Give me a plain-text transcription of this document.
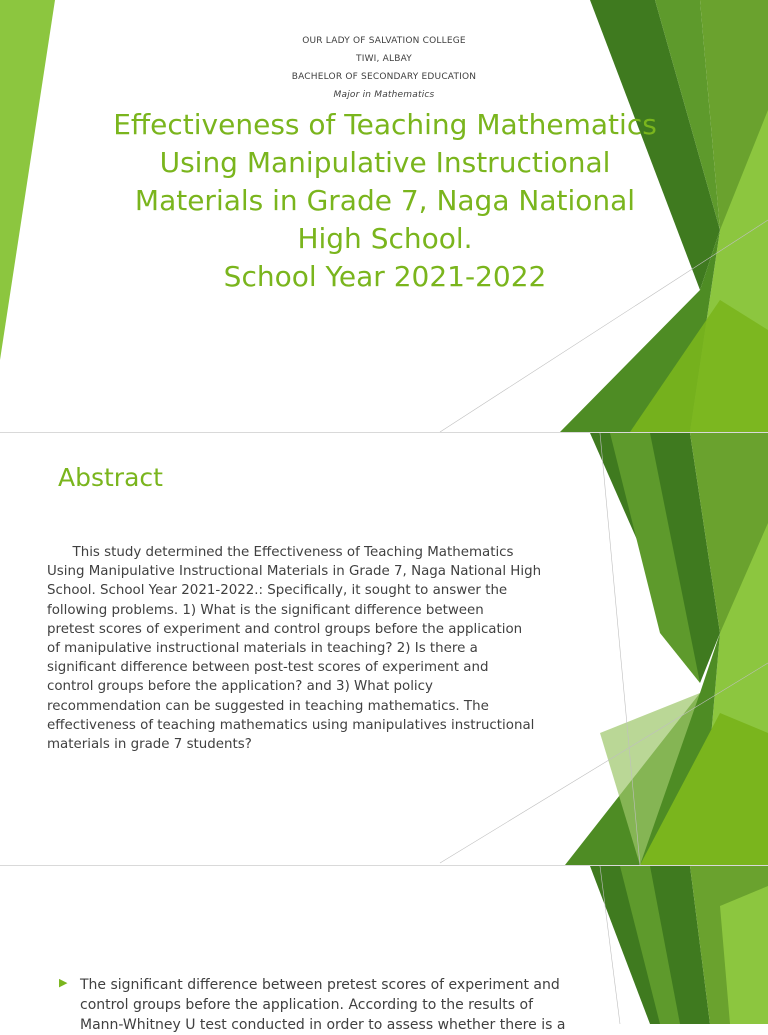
OUR LADY OF SALVATION COLLEGE
TIWI, ALBAY
BACHELOR OF SECONDARY EDUCATION
Major in Mathematics
Effectiveness of Teaching Mathematics
Using Manipulative Instructional
Materials in Grade 7, Naga National
High School.
School Year 2021-2022
Abstract
This study determined the Effectiveness of Teaching Mathematics
Using Manipulative Instructional Materials in Grade 7, Naga National High
School. School Year 2021-2022.: Specifically, it sought to answer the
following problems. 1) What is the significant difference between
pretest scores of experiment and control groups before the application
of manipulative instructional materials in teaching? 2) Is there a
significant difference between post-test scores of experiment and
control groups before the application? and 3) What policy
recommendation can be suggested in teaching mathematics. The
effectiveness of teaching mathematics using manipulatives instructional
materials in grade 7 students?
▶ The significant difference between pretest scores of experiment and
control groups before the application. According to the results of
Mann-Whitney U test conducted in order to assess whether there is a
